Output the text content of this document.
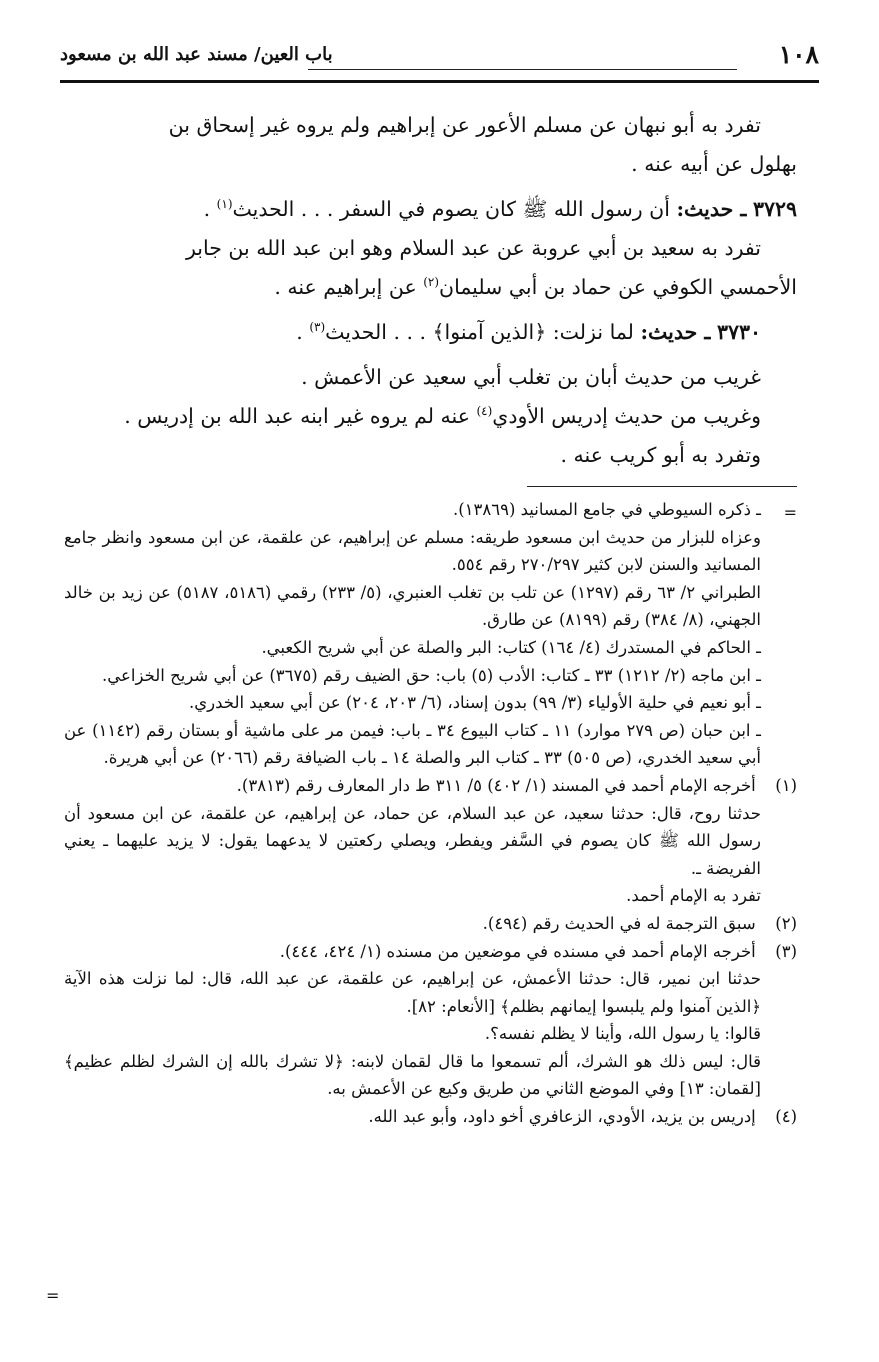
١٠٨
باب العين/ مسند عبد الله بن مسعود

تفرد به أبو نبهان عن مسلم الأعور عن إبراهيم ولم يروه غير إسحاق بن

بهلول عن أبيه عنه .

٣٧٢٩ ـ حديث: أن رسول الله ﷺ كان يصوم في السفر . . . الحديث$^{(١)}$ .

تفرد به سعيد بن أبي عروبة عن عبد السلام وهو ابن عبد الله بن جابر

الأحمسي الكوفي عن حماد بن أبي سليمان$^{(٢)}$ عن إبراهيم عنه .

٣٧٣٠ ـ حديث: لما نزلت: ﴿الذين آمنوا﴾ . . . الحديث$^{(٣)}$ .

غريب من حديث أبان بن تغلب أبي سعيد عن الأعمش .

وغريب من حديث إدريس الأودي$^{(٤)}$ عنه لم يروه غير ابنه عبد الله بن إدريس .

وتفرد به أبو كريب عنه .

=

ـ ذكره السيوطي في جامع المسانيد (١٣٨٦٩).

وعزاه للبزار من حديث ابن مسعود طريقه: مسلم عن إبراهيم، عن علقمة، عن ابن مسعود وانظر جامع المسانيد والسنن لابن كثير ٢٧٠/٢٩٧ رقم ٥٥٤.

الطبراني ٢/ ٦٣ رقم (١٢٩٧) عن تلب بن تغلب العنبري، (٥/ ٢٣٣) رقمي (٥١٨٦، ٥١٨٧) عن زيد بن خالد الجهني، (٨/ ٣٨٤) رقم (٨١٩٩) عن طارق.

ـ الحاكم في المستدرك (٤/ ١٦٤) كتاب: البر والصلة عن أبي شريح الكعبي.

ـ ابن ماجه (٢/ ١٢١٢) ٣٣ ـ كتاب: الأدب (٥) باب: حق الضيف رقم (٣٦٧٥) عن أبي شريح الخزاعي.

ـ أبو نعيم في حلية الأولياء (٣/ ٩٩) بدون إسناد، (٦/ ٢٠٣، ٢٠٤) عن أبي سعيد الخدري.

ـ ابن حبان (ص ٢٧٩ موارد) ١١ ـ كتاب البيوع ٣٤ ـ باب: فيمن مر على ماشية أو بستان رقم (١١٤٢) عن أبي سعيد الخدري، (ص ٥٠٥) ٣٣ ـ كتاب البر والصلة ١٤ ـ باب الضيافة رقم (٢٠٦٦) عن أبي هريرة.

(١) أخرجه الإمام أحمد في المسند (١/ ٤٠٢) ٥/ ٣١١ ط دار المعارف رقم (٣٨١٣).

حدثنا روح، قال: حدثنا سعيد، عن عبد السلام، عن حماد، عن إبراهيم، عن علقمة، عن ابن مسعود أن رسول الله ﷺ كان يصوم في السَّفر ويفطر، ويصلي ركعتين لا يدعهما يقول: لا يزيد عليهما ـ يعني الفريضة ـ.

تفرد به الإمام أحمد.

(٢) سبق الترجمة له في الحديث رقم (٤٩٤).

(٣) أخرجه الإمام أحمد في مسنده في موضعين من مسنده (١/ ٤٢٤، ٤٤٤).

حدثنا ابن نمير، قال: حدثنا الأعمش، عن إبراهيم، عن علقمة، عن عبد الله، قال: لما نزلت هذه الآية ﴿الذين آمنوا ولم يلبسوا إيمانهم بظلم﴾ [الأنعام: ٨٢].

قالوا: يا رسول الله، وأينا لا يظلم نفسه؟.

قال: ليس ذلك هو الشرك، ألم تسمعوا ما قال لقمان لابنه: ﴿لا تشرك بالله إن الشرك لظلم عظيم﴾ [لقمان: ١٣] وفي الموضع الثاني من طريق وكيع عن الأعمش به.

(٤) إدريس بن يزيد، الأودي، الزعافري أخو داود، وأبو عبد الله.

=
